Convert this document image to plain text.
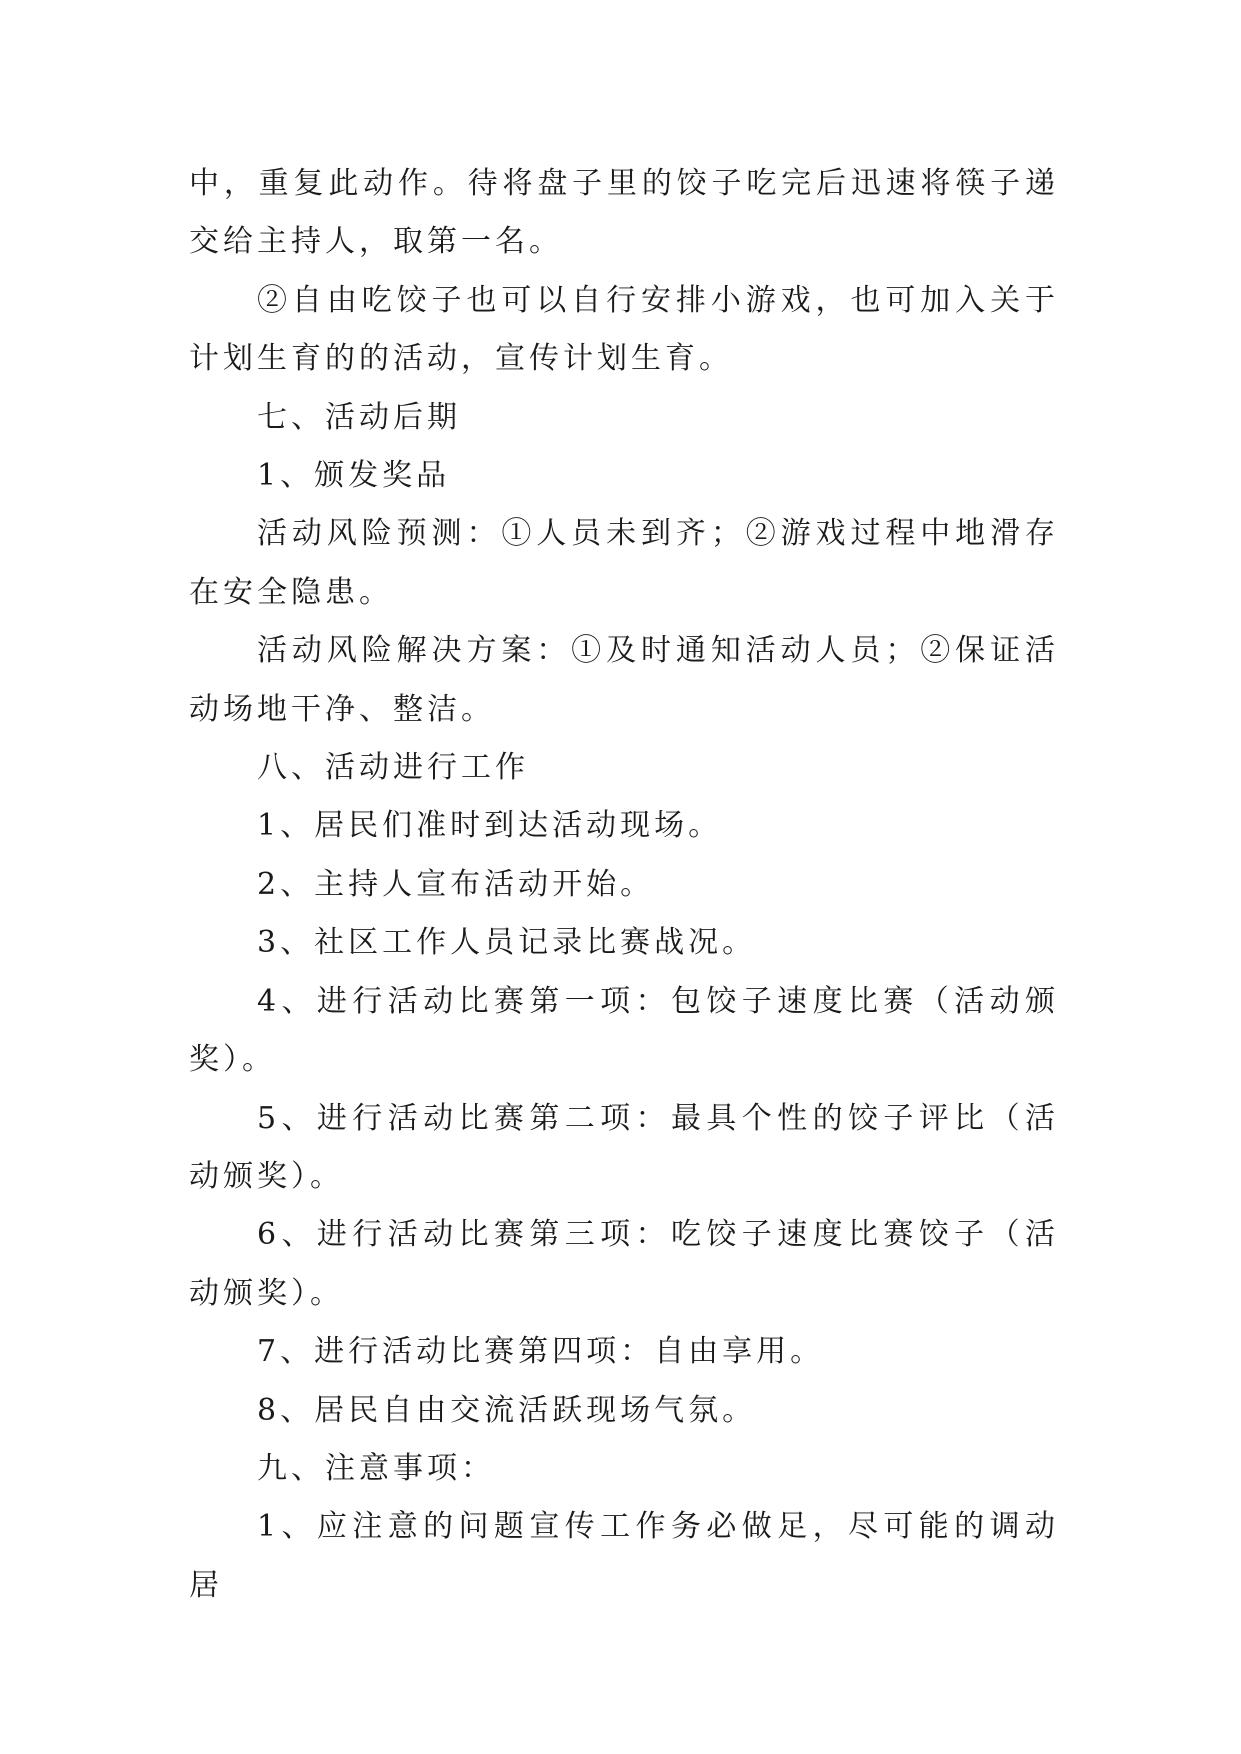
中，重复此动作。待将盘子里的饺子吃完后迅速将筷子递交给主持人，取第一名。

②自由吃饺子也可以自行安排小游戏，也可加入关于计划生育的的活动，宣传计划生育。

七、活动后期

1、颁发奖品

活动风险预测：①人员未到齐；②游戏过程中地滑存在安全隐患。

活动风险解决方案：①及时通知活动人员；②保证活动场地干净、整洁。

八、活动进行工作

1、居民们准时到达活动现场。

2、主持人宣布活动开始。

3、社区工作人员记录比赛战况。

4、进行活动比赛第一项：包饺子速度比赛（活动颁奖）。

5、进行活动比赛第二项：最具个性的饺子评比（活动颁奖）。

6、进行活动比赛第三项：吃饺子速度比赛饺子（活动颁奖）。

7、进行活动比赛第四项：自由享用。

8、居民自由交流活跃现场气氛。

九、注意事项：

1、应注意的问题宣传工作务必做足，尽可能的调动居
